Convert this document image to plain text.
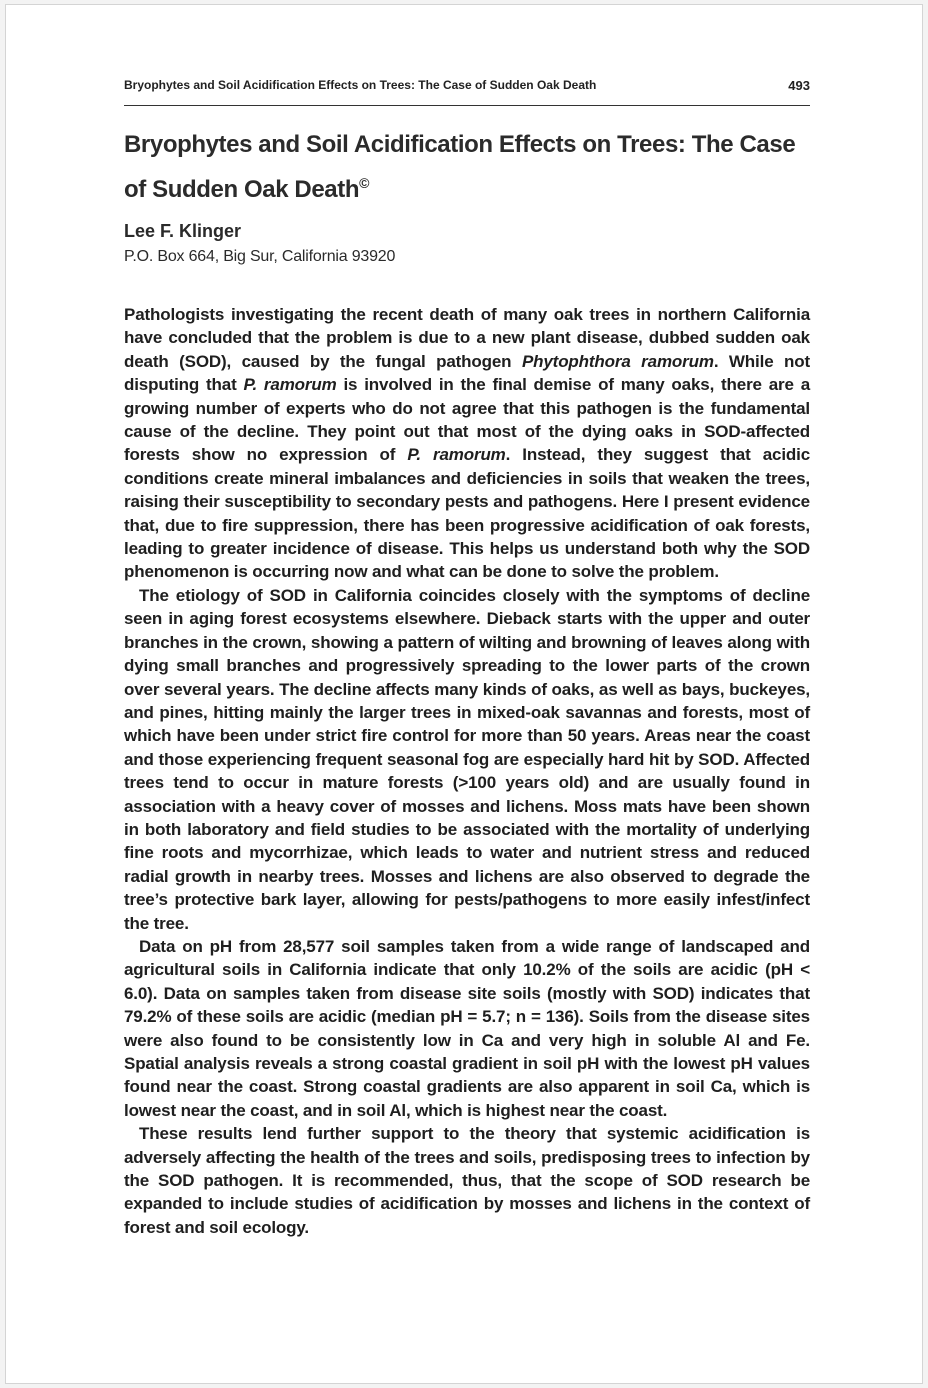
Bryophytes and Soil Acidification Effects on Trees: The Case of Sudden Oak Death	493
Bryophytes and Soil Acidification Effects on Trees: The Case of Sudden Oak Death©
Lee F. Klinger
P.O. Box 664, Big Sur, California 93920

Pathologists investigating the recent death of many oak trees in northern California have concluded that the problem is due to a new plant disease, dubbed sudden oak death (SOD), caused by the fungal pathogen Phytophthora ramorum. While not disputing that P. ramorum is involved in the final demise of many oaks, there are a growing number of experts who do not agree that this pathogen is the fundamental cause of the decline. They point out that most of the dying oaks in SOD-affected forests show no expression of P. ramorum. Instead, they suggest that acidic conditions create mineral imbalances and deficiencies in soils that weaken the trees, raising their susceptibility to secondary pests and pathogens. Here I present evidence that, due to fire suppression, there has been progressive acidification of oak forests, leading to greater incidence of disease. This helps us understand both why the SOD phenomenon is occurring now and what can be done to solve the problem.

The etiology of SOD in California coincides closely with the symptoms of decline seen in aging forest ecosystems elsewhere. Dieback starts with the upper and outer branches in the crown, showing a pattern of wilting and browning of leaves along with dying small branches and progressively spreading to the lower parts of the crown over several years. The decline affects many kinds of oaks, as well as bays, buckeyes, and pines, hitting mainly the larger trees in mixed-oak savannas and forests, most of which have been under strict fire control for more than 50 years. Areas near the coast and those experiencing frequent seasonal fog are especially hard hit by SOD. Affected trees tend to occur in mature forests (>100 years old) and are usually found in association with a heavy cover of mosses and lichens. Moss mats have been shown in both laboratory and field studies to be associated with the mortality of underlying fine roots and mycorrhizae, which leads to water and nutrient stress and reduced radial growth in nearby trees. Mosses and lichens are also observed to degrade the tree’s protective bark layer, allowing for pests/pathogens to more easily infest/infect the tree.

Data on pH from 28,577 soil samples taken from a wide range of landscaped and agricultural soils in California indicate that only 10.2% of the soils are acidic (pH < 6.0). Data on samples taken from disease site soils (mostly with SOD) indicates that 79.2% of these soils are acidic (median pH = 5.7; n = 136). Soils from the disease sites were also found to be consistently low in Ca and very high in soluble Al and Fe. Spatial analysis reveals a strong coastal gradient in soil pH with the lowest pH values found near the coast. Strong coastal gradients are also apparent in soil Ca, which is lowest near the coast, and in soil Al, which is highest near the coast.

These results lend further support to the theory that systemic acidification is adversely affecting the health of the trees and soils, predisposing trees to infection by the SOD pathogen. It is recommended, thus, that the scope of SOD research be expanded to include studies of acidification by mosses and lichens in the context of forest and soil ecology.
